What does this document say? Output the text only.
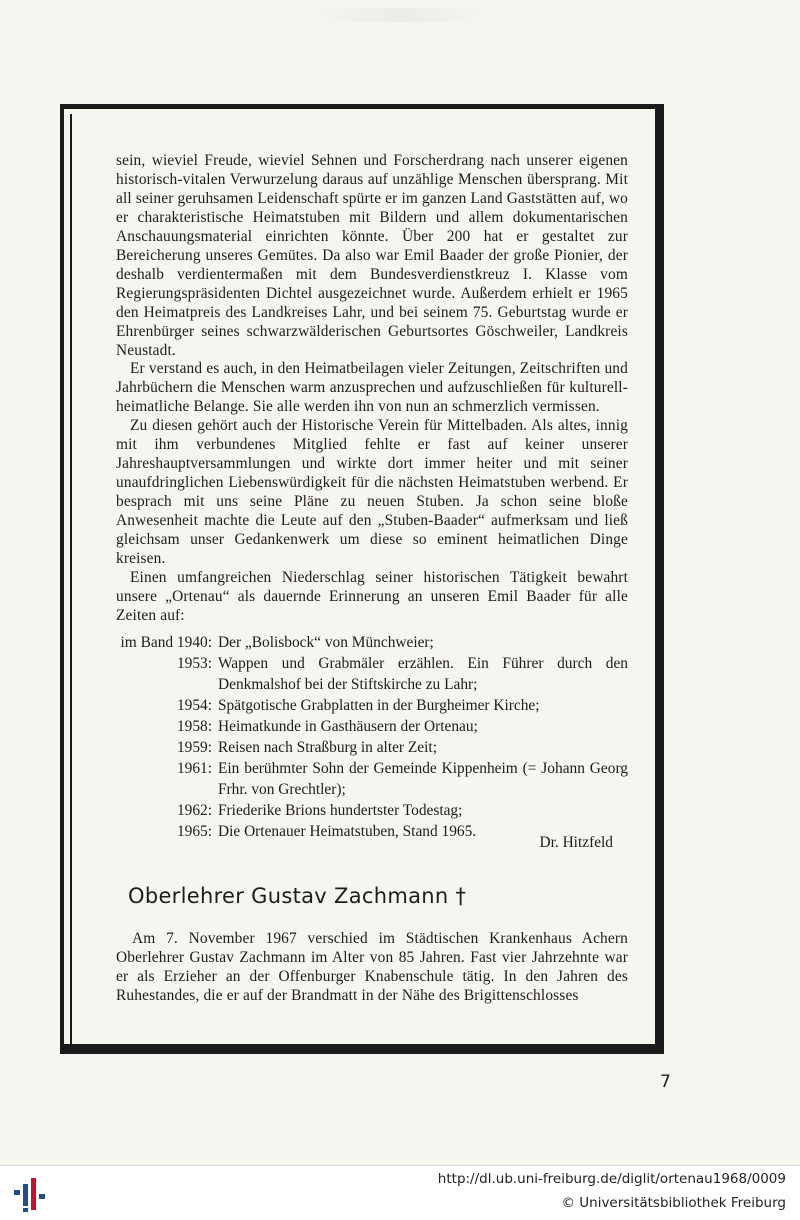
sein, wieviel Freude, wieviel Sehnen und Forscherdrang nach unserer eigenen historisch-vitalen Verwurzelung daraus auf unzählige Menschen übersprang. Mit all seiner geruhsamen Leidenschaft spürte er im ganzen Land Gaststätten auf, wo er charakteristische Heimatstuben mit Bildern und allem dokumentarischen Anschauungsmaterial einrichten könnte. Über 200 hat er gestaltet zur Bereicherung unseres Gemütes. Da also war Emil Baader der große Pionier, der deshalb verdientermaßen mit dem Bundesverdienstkreuz I. Klasse vom Regierungspräsidenten Dichtel ausgezeichnet wurde. Außerdem erhielt er 1965 den Heimatpreis des Landkreises Lahr, und bei seinem 75. Geburtstag wurde er Ehrenbürger seines schwarzwälderischen Geburtsortes Göschweiler, Landkreis Neustadt.

Er verstand es auch, in den Heimatbeilagen vieler Zeitungen, Zeitschriften und Jahrbüchern die Menschen warm anzusprechen und aufzuschließen für kulturell-heimatliche Belange. Sie alle werden ihn von nun an schmerzlich vermissen.

Zu diesen gehört auch der Historische Verein für Mittelbaden. Als altes, innig mit ihm verbundenes Mitglied fehlte er fast auf keiner unserer Jahreshauptversammlungen und wirkte dort immer heiter und mit seiner unaufdringlichen Liebenswürdigkeit für die nächsten Heimatstuben werbend. Er besprach mit uns seine Pläne zu neuen Stuben. Ja schon seine bloße Anwesenheit machte die Leute auf den „Stuben-Baader“ aufmerksam und ließ gleichsam unser Gedankenwerk um diese so eminent heimatlichen Dinge kreisen.

Einen umfangreichen Niederschlag seiner historischen Tätigkeit bewahrt unsere „Ortenau“ als dauernde Erinnerung an unseren Emil Baader für alle Zeiten auf:

im Band 1940: Der „Bolisbock“ von Münchweier;
1953: Wappen und Grabmäler erzählen. Ein Führer durch den Denkmalshof bei der Stiftskirche zu Lahr;
1954: Spätgotische Grabplatten in der Burgheimer Kirche;
1958: Heimatkunde in Gasthäusern der Ortenau;
1959: Reisen nach Straßburg in alter Zeit;
1961: Ein berühmter Sohn der Gemeinde Kippenheim (= Johann Georg Frhr. von Grechtler);
1962: Friederike Brions hundertster Todestag;
1965: Die Ortenauer Heimatstuben, Stand 1965.
Dr. Hitzfeld
Oberlehrer Gustav Zachmann †
Am 7. November 1967 verschied im Städtischen Krankenhaus Achern Oberlehrer Gustav Zachmann im Alter von 85 Jahren. Fast vier Jahrzehnte war er als Erzieher an der Offenburger Knabenschule tätig. In den Jahren des Ruhestandes, die er auf der Brandmatt in der Nähe des Brigittenschlosses
7
http://dl.ub.uni-freiburg.de/diglit/ortenau1968/0009
© Universitätsbibliothek Freiburg
